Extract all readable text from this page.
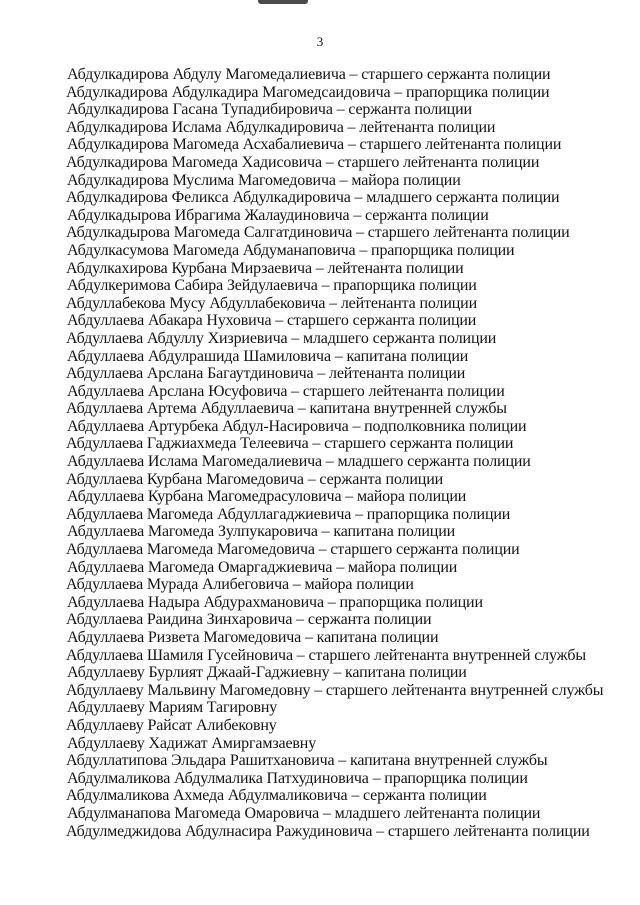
3
Абдулкадирова Абдулу Магомедалиевича – старшего сержанта полиции
Абдулкадирова Абдулкадира Магомедсаидовича – прапорщика полиции
Абдулкадирова Гасана Тупадибировича – сержанта полиции
Абдулкадирова Ислама Абдулкадировича – лейтенанта полиции
Абдулкадирова Магомеда Асхабалиевича – старшего лейтенанта полиции
Абдулкадирова Магомеда Хадисовича – старшего лейтенанта полиции
Абдулкадирова Муслима Магомедовича – майора полиции
Абдулкадирова Феликса Абдулкадировича – младшего сержанта полиции
Абдулкадырова Ибрагима Жалаудиновича – сержанта полиции
Абдулкадырова Магомеда Салгатдиновича – старшего лейтенанта полиции
Абдулкасумова Магомеда Абдуманаповича – прапорщика полиции
Абдулкахирова Курбана Мирзаевича – лейтенанта полиции
Абдулкеримова Сабира Зейдулаевича – прапорщика полиции
Абдуллабекова Мусу Абдуллабековича – лейтенанта полиции
Абдуллаева Абакара Нуховича – старшего сержанта полиции
Абдуллаева Абдуллу Хизриевича – младшего сержанта полиции
Абдуллаева Абдулрашида Шамиловича – капитана полиции
Абдуллаева Арслана Багаутдиновича – лейтенанта полиции
Абдуллаева Арслана Юсуфовича – старшего лейтенанта полиции
Абдуллаева Артема Абдуллаевича – капитана внутренней службы
Абдуллаева Артурбека Абдул-Насировича – подполковника полиции
Абдуллаева Гаджиахмеда Телеевича – старшего сержанта полиции
Абдуллаева Ислама Магомедалиевича – младшего сержанта полиции
Абдуллаева Курбана Магомедовича – сержанта полиции
Абдуллаева Курбана Магомедрасуловича – майора полиции
Абдуллаева Магомеда Абдуллагаджиевича – прапорщика полиции
Абдуллаева Магомеда Зулпукаровича – капитана полиции
Абдуллаева Магомеда Магомедовича – старшего сержанта полиции
Абдуллаева Магомеда Омаргаджиевича – майора полиции
Абдуллаева Мурада Алибеговича – майора полиции
Абдуллаева Надыра Абдурахмановича – прапорщика полиции
Абдуллаева Раидина Зинхаровича – сержанта полиции
Абдуллаева Ризвета Магомедовича – капитана полиции
Абдуллаева Шамиля Гусейновича – старшего лейтенанта внутренней службы
Абдуллаеву Бурлият Джаай-Гаджиевну – капитана полиции
Абдуллаеву Мальвину Магомедовну – старшего лейтенанта внутренней службы
Абдуллаеву Мариям Тагировну
Абдуллаеву Райсат Алибековну
Абдуллаеву Хадижат Амиргамзаевну
Абдуллатипова Эльдара Рашитхановича – капитана внутренней службы
Абдулмаликова Абдулмалика Патхудиновича – прапорщика полиции
Абдулмаликова Ахмеда Абдулмаликовича – сержанта полиции
Абдулманапова Магомеда Омаровича – младшего лейтенанта полиции
Абдулмеджидова Абдулнасира Ражудиновича – старшего лейтенанта полиции
